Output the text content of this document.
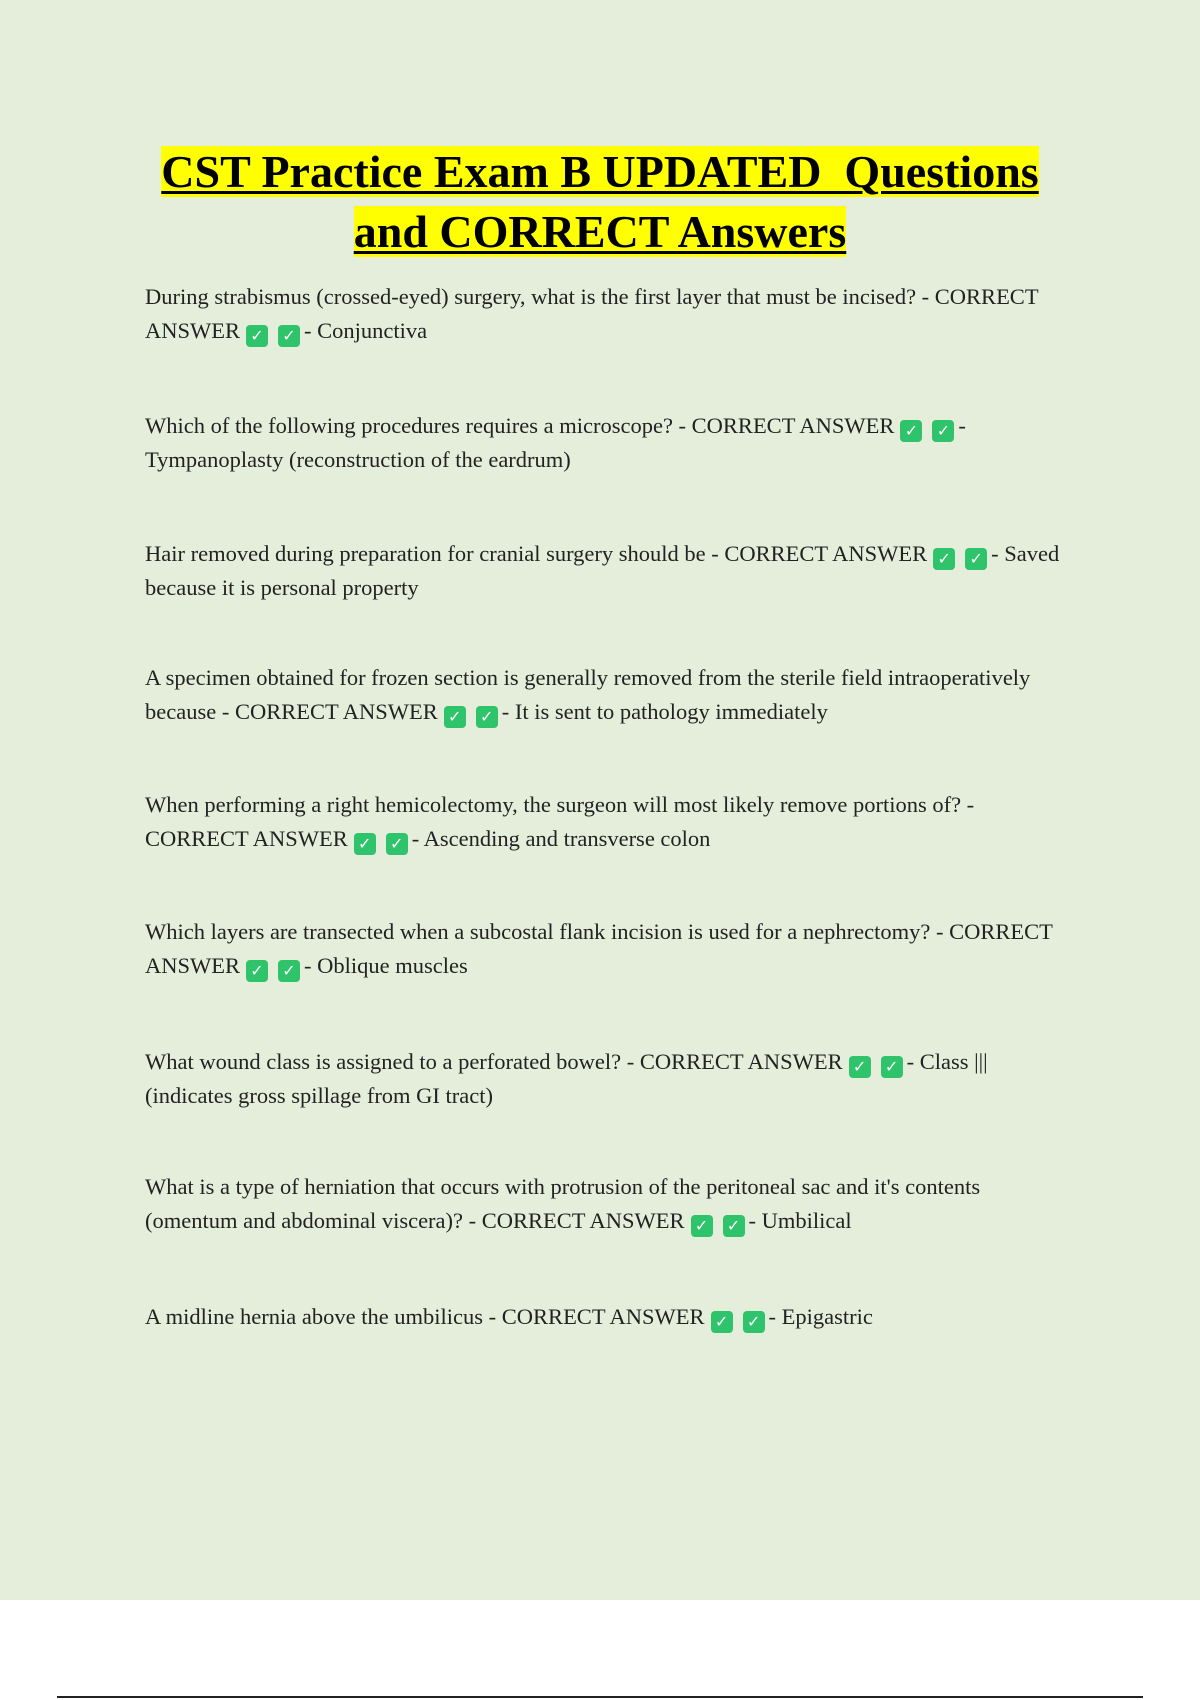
CST Practice Exam B UPDATED  Questions
and CORRECT Answers
During strabismus (crossed-eyed) surgery, what is the first layer that must be incised? - CORRECT ANSWER ✓ ✓ - Conjunctiva
Which of the following procedures requires a microscope? - CORRECT ANSWER ✓ ✓ - Tympanoplasty (reconstruction of the eardrum)
Hair removed during preparation for cranial surgery should be - CORRECT ANSWER ✓ ✓ - Saved because it is personal property
A specimen obtained for frozen section is generally removed from the sterile field intraoperatively because - CORRECT ANSWER ✓ ✓ - It is sent to pathology immediately
When performing a right hemicolectomy, the surgeon will most likely remove portions of? - CORRECT ANSWER ✓ ✓ - Ascending and transverse colon
Which layers are transected when a subcostal flank incision is used for a nephrectomy? - CORRECT ANSWER ✓ ✓ - Oblique muscles
What wound class is assigned to a perforated bowel? - CORRECT ANSWER ✓ ✓ - Class ||| (indicates gross spillage from GI tract)
What is a type of herniation that occurs with protrusion of the peritoneal sac and it's contents (omentum and abdominal viscera)? - CORRECT ANSWER ✓ ✓ - Umbilical
A midline hernia above the umbilicus - CORRECT ANSWER ✓ ✓ - Epigastric
